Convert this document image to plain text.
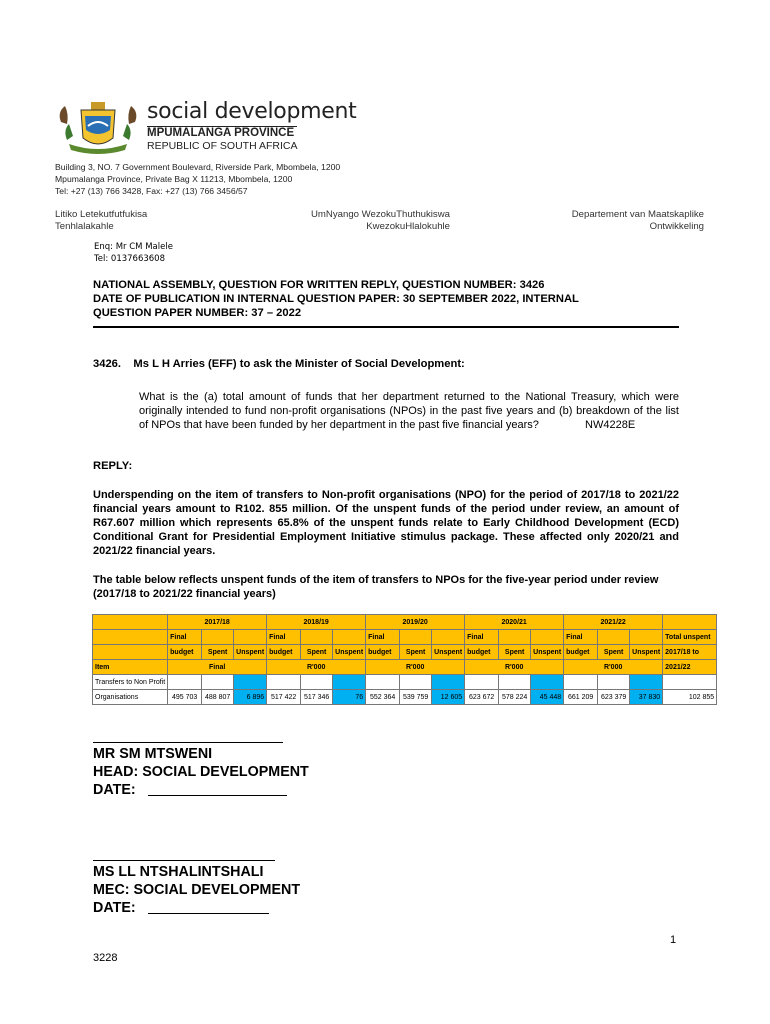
social development
MPUMALANGA PROVINCE
REPUBLIC OF SOUTH AFRICA
Building 3, NO. 7 Government Boulevard, Riverside Park, Mbombela, 1200
Mpumalanga Province, Private Bag X 11213, Mbombela, 1200
Tel: +27 (13) 766 3428, Fax: +27 (13) 766 3456/57
Litiko Letekutfutfukisa
Tenhlalakahle
UmNyango WezokuThuthukiswa
KwezokuHlalokuhle
Departement van Maatskaplike
Ontwikkeling
Enq: Mr CM Malele
Tel: 0137663608
NATIONAL ASSEMBLY, QUESTION FOR WRITTEN REPLY, QUESTION NUMBER: 3426
DATE OF PUBLICATION IN INTERNAL QUESTION PAPER: 30 SEPTEMBER 2022, INTERNAL
QUESTION PAPER NUMBER: 37 – 2022
3426.    Ms L H Arries (EFF) to ask the Minister of Social Development:
What is the (a) total amount of funds that her department returned to the National Treasury, which were originally intended to fund non-profit organisations (NPOs) in the past five years and (b) breakdown of the list of NPOs that have been funded by her department in the past five financial years?	NW4228E
REPLY:
Underspending on the item of transfers to Non-profit organisations (NPO) for the period of 2017/18 to 2021/22 financial years amount to R102. 855 million. Of the unspent funds of the period under review, an amount of R67.607 million which represents 65.8% of the unspent funds relate to Early Childhood Development (ECD) Conditional Grant for Presidential Employment Initiative stimulus package. These affected only 2020/21 and 2021/22 financial years.
The table below reflects unspent funds of the item of transfers to NPOs for the five-year period under review (2017/18 to 2021/22 financial years)
	2017/18			2018/19			2019/20			2020/21			2021/22			
	Final			Final			Final			Final			Final			Total unspent
	budget	Spent	Unspent	budget	Spent	Unspent	budget	Spent	Unspent	budget	Spent	Unspent	budget	Spent	Unspent	2017/18 to
Item	Final			R'000			R'000			R'000			R'000			2021/22
Transfers to Non Profit																
Organisations	495 703	488 807	6 896	517 422	517 346	76	552 364	539 759	12 605	623 672	578 224	45 448	661 209	623 379	37 830	102 855
MR SM MTSWENI
HEAD: SOCIAL DEVELOPMENT
DATE:
MS LL NTSHALINTSHALI
MEC: SOCIAL DEVELOPMENT
DATE:
1
3228
